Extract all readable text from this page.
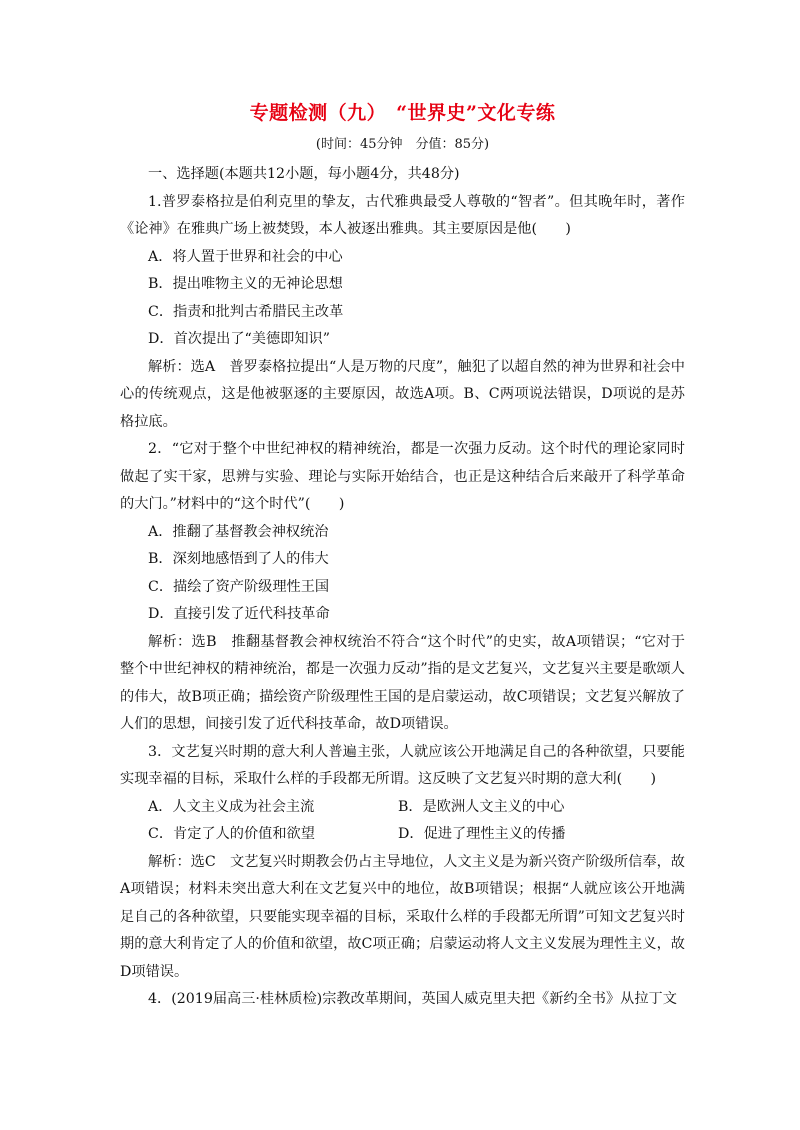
专题检测（九）　“世界史”文化专练
(时间：45分钟　分值：85分)

一、选择题(本题共12小题，每小题4分，共48分)

1.普罗泰格拉是伯利克里的挚友，古代雅典最受人尊敬的“智者”。但其晚年时，著作《论神》在雅典广场上被焚毁，本人被逐出雅典。其主要原因是他(　　)

A．将人置于世界和社会的中心

B．提出唯物主义的无神论思想

C．指责和批判古希腊民主改革

D．首次提出了“美德即知识”

解析：选A　普罗泰格拉提出“人是万物的尺度”，触犯了以超自然的神为世界和社会中心的传统观点，这是他被驱逐的主要原因，故选A项。B、C两项说法错误，D项说的是苏格拉底。

2．“它对于整个中世纪神权的精神统治，都是一次强力反动。这个时代的理论家同时做起了实干家，思辨与实验、理论与实际开始结合，也正是这种结合后来敲开了科学革命的大门。”材料中的“这个时代”(　　)

A．推翻了基督教会神权统治

B．深刻地感悟到了人的伟大

C．描绘了资产阶级理性王国

D．直接引发了近代科技革命

解析：选B　推翻基督教会神权统治不符合“这个时代”的史实，故A项错误；“它对于整个中世纪神权的精神统治，都是一次强力反动”指的是文艺复兴，文艺复兴主要是歌颂人的伟大，故B项正确；描绘资产阶级理性王国的是启蒙运动，故C项错误；文艺复兴解放了人们的思想，间接引发了近代科技革命，故D项错误。

3．文艺复兴时期的意大利人普遍主张，人就应该公开地满足自己的各种欲望，只要能实现幸福的目标，采取什么样的手段都无所谓。这反映了文艺复兴时期的意大利(　　)

A．人文主义成为社会主流	B．是欧洲人文主义的中心

C．肯定了人的价值和欲望	D．促进了理性主义的传播

解析：选C　文艺复兴时期教会仍占主导地位，人文主义是为新兴资产阶级所信奉，故A项错误；材料未突出意大利在文艺复兴中的地位，故B项错误；根据“人就应该公开地满足自己的各种欲望，只要能实现幸福的目标，采取什么样的手段都无所谓”可知文艺复兴时期的意大利肯定了人的价值和欲望，故C项正确；启蒙运动将人文主义发展为理性主义，故D项错误。

4．(2019届高三·桂林质检)宗教改革期间，英国人威克里夫把《新约全书》从拉丁文
